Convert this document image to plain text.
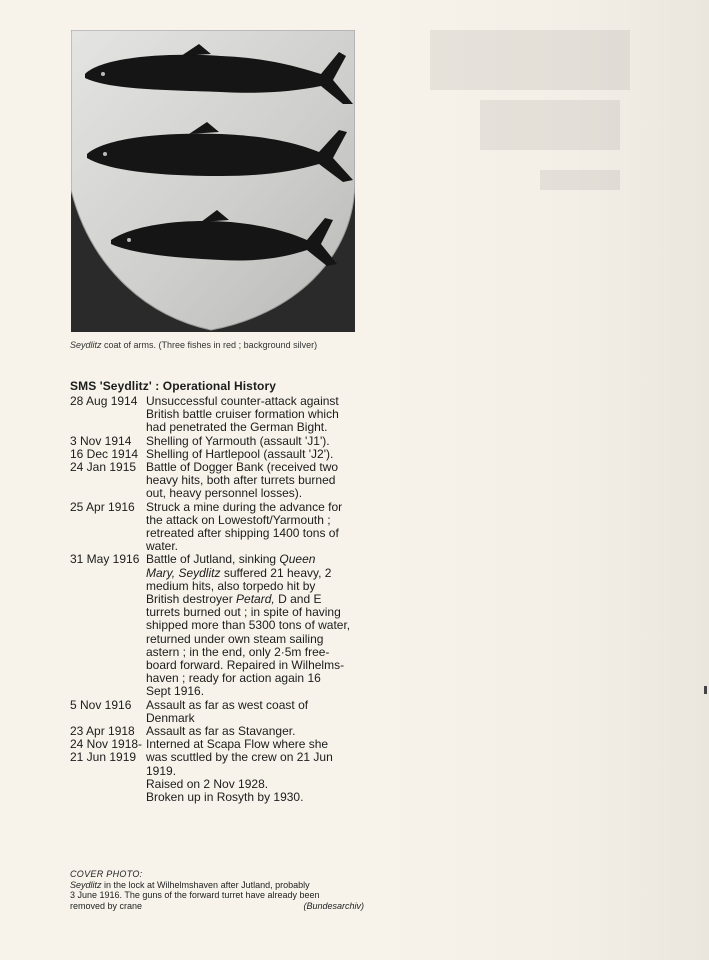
Seydlitz coat of arms. (Three fishes in red ; background silver)
SMS 'Seydlitz' : Operational History
28 Aug 1914 Unsuccessful counter-attack against
British battle cruiser formation which
had penetrated the German Bight.
3 Nov 1914	Shelling of Yarmouth (assault 'J1').
16 Dec 1914 Shelling of Hartlepool (assault 'J2').
24 Jan 1915 Battle of Dogger Bank (received two
heavy hits, both after turrets burned
out, heavy personnel losses).
25 Apr 1916 Struck a mine during the advance for
the attack on Lowestoft/Yarmouth ;
retreated after shipping 1400 tons of
water.
31 May 1916 Battle of Jutland, sinking Queen
Mary, Seydlitz suffered 21 heavy, 2
medium hits, also torpedo hit by
British destroyer Petard, D and E
turrets burned out ; in spite of having
shipped more than 5300 tons of water,
returned under own steam sailing
astern ; in the end, only 2·5m free-
board forward. Repaired in Wilhelms-
haven ; ready for action again 16
Sept 1916.
5 Nov 1916	Assault as far as west coast of
Denmark
23 Apr 1918 Assault as far as Stavanger.
24 Nov 1918- Interned at Scapa Flow where she
21 Jun 1919 was scuttled by the crew on 21 Jun
1919.
Raised on 2 Nov 1928.
Broken up in Rosyth by 1930.
COVER PHOTO:
Seydlitz in the lock at Wilhelmshaven after Jutland, probably
3 June 1916. The guns of the forward turret have already been
removed by crane	(Bundesarchiv)
